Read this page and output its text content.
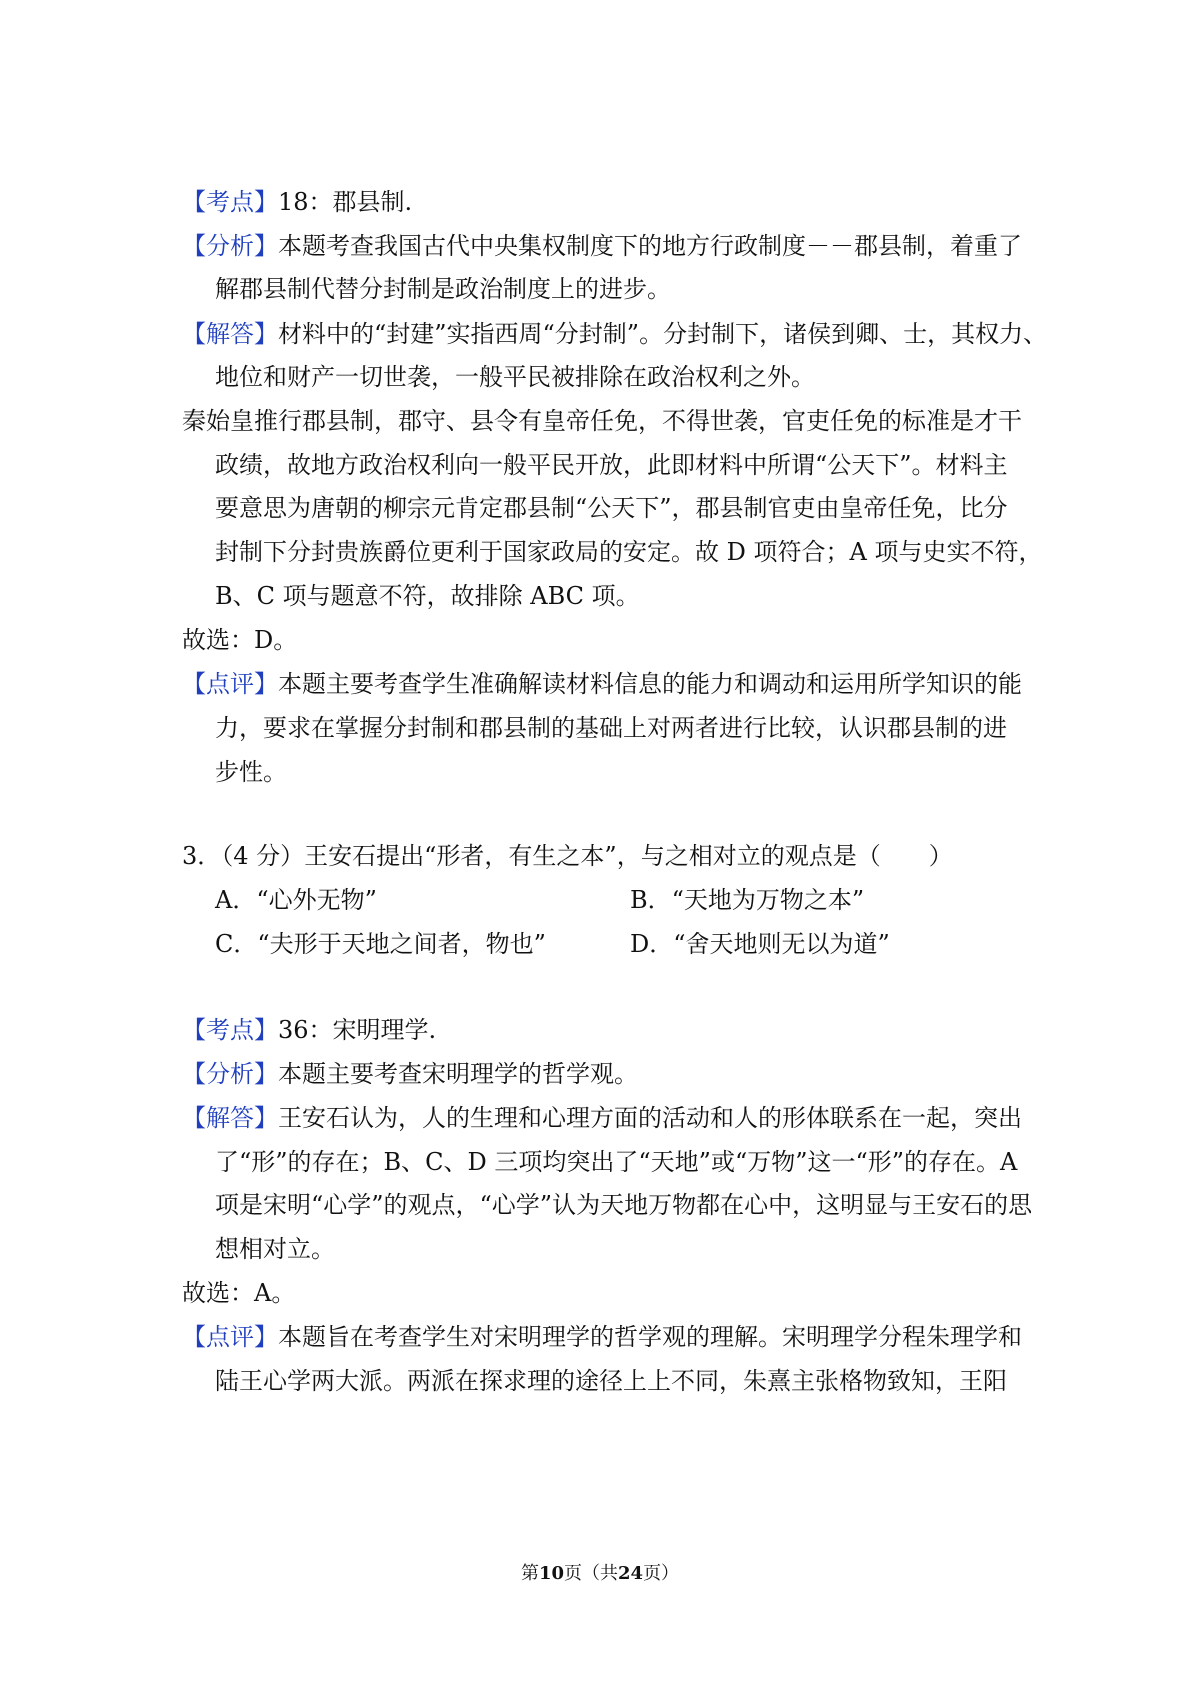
【考点】18：郡县制.
【分析】本题考查我国古代中央集权制度下的地方行政制度－－郡县制，着重了
解郡县制代替分封制是政治制度上的进步。
【解答】材料中的“封建”实指西周“分封制”。分封制下，诸侯到卿、士，其权力、
地位和财产一切世袭，一般平民被排除在政治权利之外。
秦始皇推行郡县制，郡守、县令有皇帝任免，不得世袭，官吏任免的标准是才干
政绩，故地方政治权利向一般平民开放，此即材料中所谓“公天下”。材料主
要意思为唐朝的柳宗元肯定郡县制“公天下”，郡县制官吏由皇帝任免，比分
封制下分封贵族爵位更利于国家政局的安定。故 D 项符合；A 项与史实不符，
B、C 项与题意不符，故排除 ABC 项。
故选：D。
【点评】本题主要考查学生准确解读材料信息的能力和调动和运用所学知识的能
力，要求在掌握分封制和郡县制的基础上对两者进行比较，认识郡县制的进
步性。
3．（4 分）王安石提出“形者，有生之本”，与之相对立的观点是（　　）
A．“心外无物”	B．“天地为万物之本”
C．“夫形于天地之间者，物也”	D．“舍天地则无以为道”
【考点】36：宋明理学.
【分析】本题主要考查宋明理学的哲学观。
【解答】王安石认为，人的生理和心理方面的活动和人的形体联系在一起，突出
了“形”的存在；B、C、D 三项均突出了“天地”或“万物”这一“形”的存在。A
项是宋明“心学”的观点，“心学”认为天地万物都在心中，这明显与王安石的思
想相对立。
故选：A。
【点评】本题旨在考查学生对宋明理学的哲学观的理解。宋明理学分程朱理学和
陆王心学两大派。两派在探求理的途径上上不同，朱熹主张格物致知，王阳
第10页（共24页）
